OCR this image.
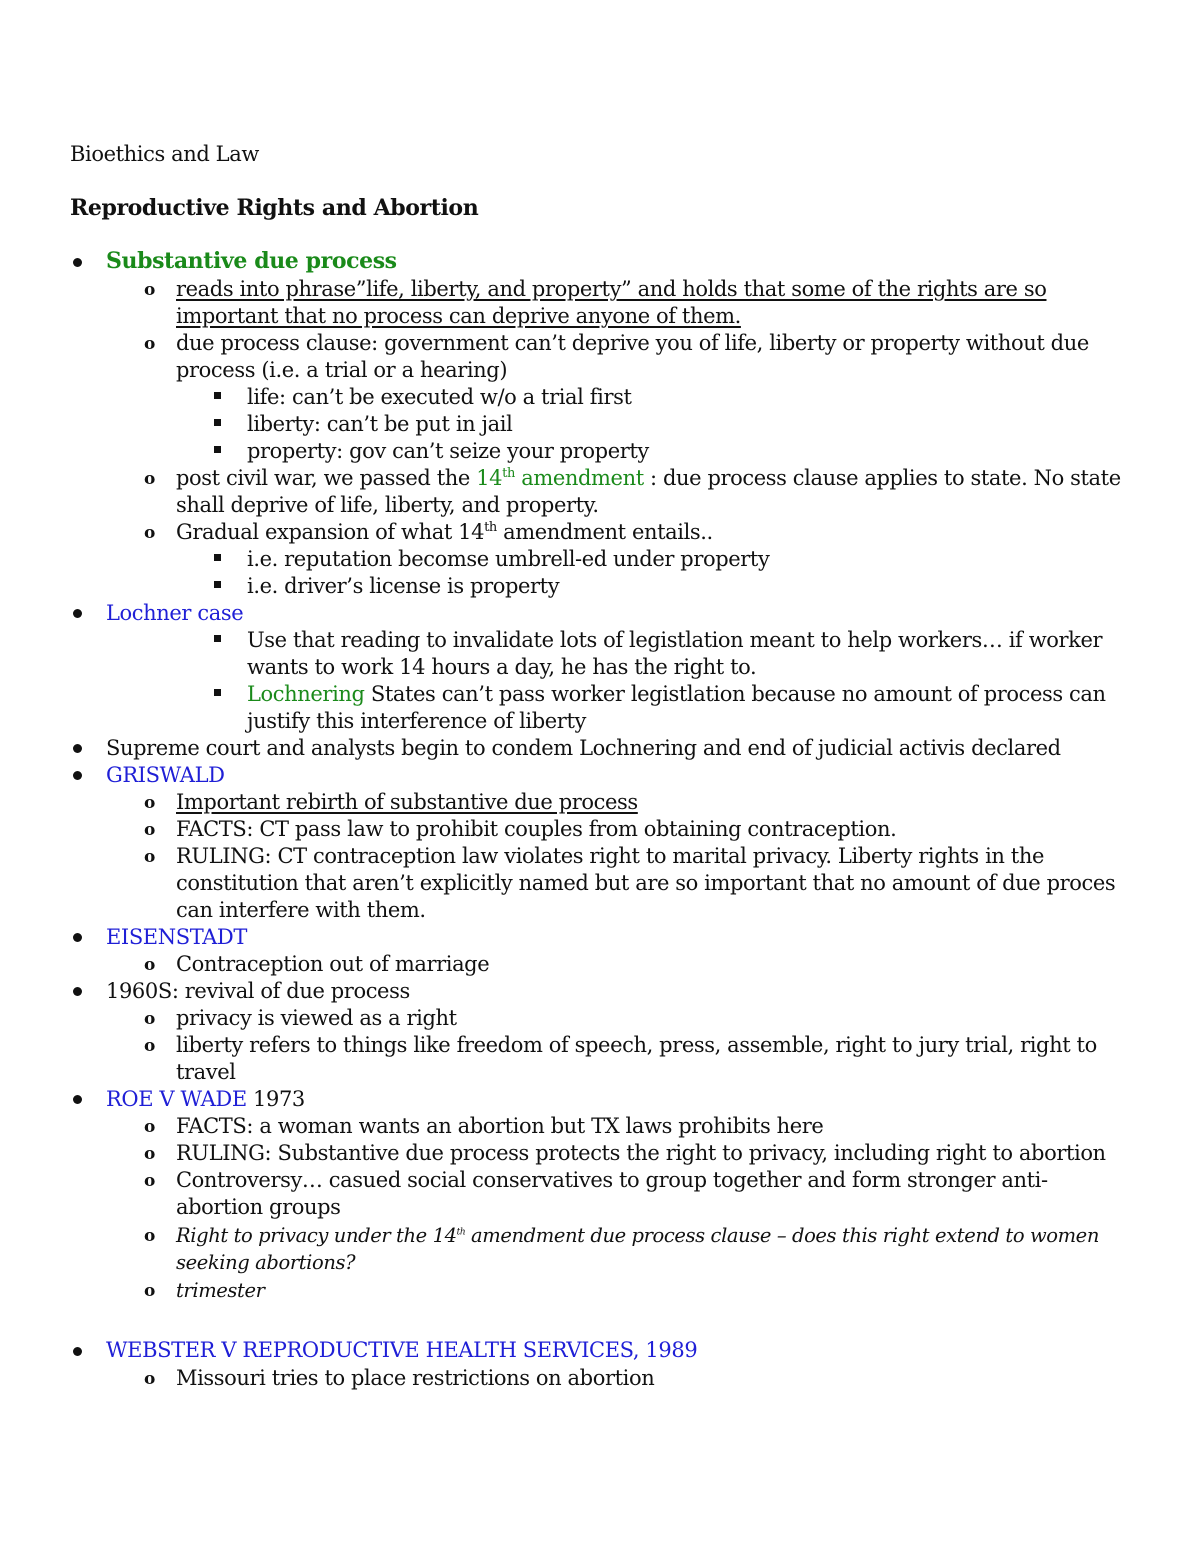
Bioethics and Law
Reproductive Rights and Abortion
Substantive due process
o reads into phrase”life, liberty, and property” and holds that some of the rights are so
important that no process can deprive anyone of them.
o due process clause: government can’t deprive you of life, liberty or property without due
process (i.e. a trial or a hearing)
life: can’t be executed w/o a trial first
liberty: can’t be put in jail
property: gov can’t seize your property
o post civil war, we passed the 14th amendment : due process clause applies to state. No state
shall deprive of life, liberty, and property.
o Gradual expansion of what 14th amendment entails..
i.e. reputation becomse umbrell-ed under property
i.e. driver’s license is property
Lochner case
Use that reading to invalidate lots of legistlation meant to help workers… if worker
wants to work 14 hours a day, he has the right to.
Lochnering States can’t pass worker legistlation because no amount of process can
justify this interference of liberty
Supreme court and analysts begin to condem Lochnering and end of judicial activis declared
GRISWALD
o Important rebirth of substantive due process
o FACTS: CT pass law to prohibit couples from obtaining contraception.
o RULING: CT contraception law violates right to marital privacy. Liberty rights in the
constitution that aren’t explicitly named but are so important that no amount of due proces
can interfere with them.
EISENSTADT
o Contraception out of marriage
1960S: revival of due process
o privacy is viewed as a right
o liberty refers to things like freedom of speech, press, assemble, right to jury trial, right to
travel
ROE V WADE 1973
o FACTS: a woman wants an abortion but TX laws prohibits here
o RULING: Substantive due process protects the right to privacy, including right to abortion
o Controversy… casued social conservatives to group together and form stronger anti-
abortion groups
o Right to privacy under the 14th amendment due process clause – does this right extend to women
seeking abortions?
o trimester
WEBSTER V REPRODUCTIVE HEALTH SERVICES, 1989
o Missouri tries to place restrictions on abortion
